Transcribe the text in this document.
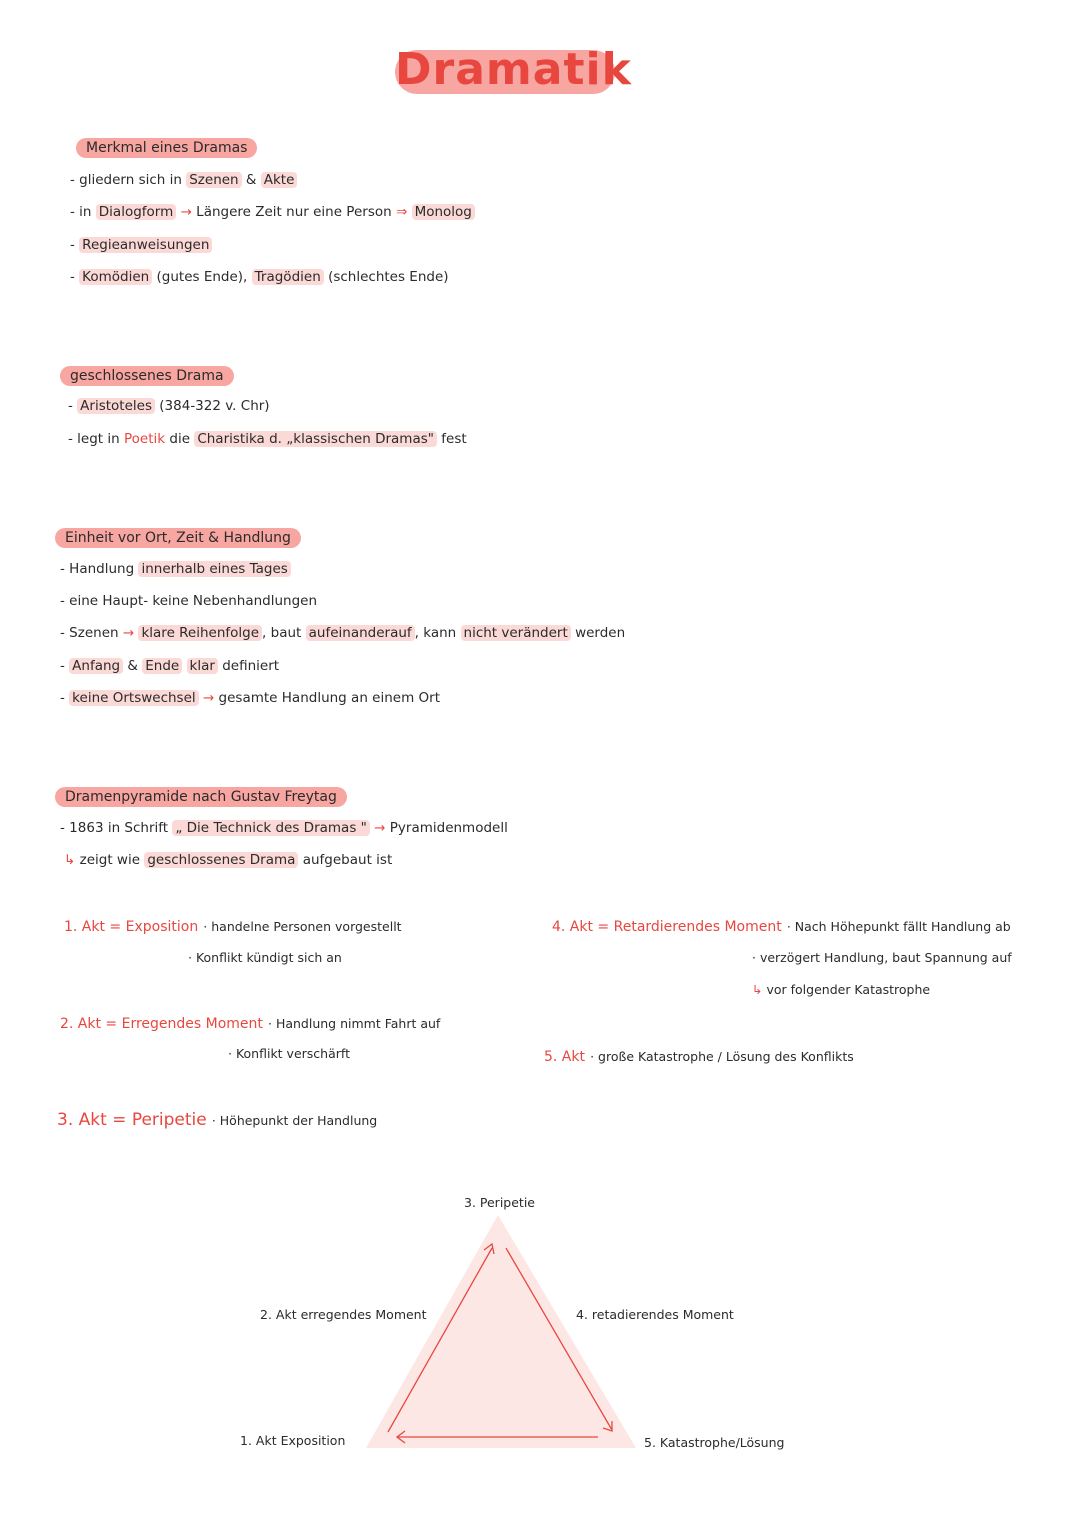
Dramatik
Merkmal eines Dramas
- gliedern sich in Szenen & Akte
- in Dialogform → Längere Zeit nur eine Person ⇒ Monolog
- Regieanweisungen
- Komödien (gutes Ende), Tragödien (schlechtes Ende)
geschlossenes Drama
- Aristoteles (384-322 v. Chr)
- legt in Poetik die Charistika d. „klassischen Dramas" fest
Einheit vor Ort, Zeit & Handlung
- Handlung innerhalb eines Tages
- eine Haupt- keine Nebenhandlungen
- Szenen → klare Reihenfolge , baut aufeinanderauf , kann nicht verändert werden
- Anfang & Ende klar definiert
- keine Ortswechsel → gesamte Handlung an einem Ort
Dramenpyramide nach Gustav Freytag
- 1863 in Schrift „ Die Technick des Dramas " → Pyramidenmodell
↳ zeigt wie geschlossenes Drama aufgebaut ist
1. Akt = Exposition · handelne Personen vorgestellt
· Konflikt kündigt sich an
2. Akt = Erregendes Moment · Handlung nimmt Fahrt auf
· Konflikt verschärft
3. Akt = Peripetie · Höhepunkt der Handlung
4. Akt = Retardierendes Moment · Nach Höhepunkt fällt Handlung ab
· verzögert Handlung, baut Spannung auf
↳ vor folgender Katastrophe
5. Akt · große Katastrophe / Lösung des Konflikts
3. Peripetie
2. Akt erregendes Moment	4. retadierendes Moment
1. Akt Exposition	5. Katastrophe/Lösung
